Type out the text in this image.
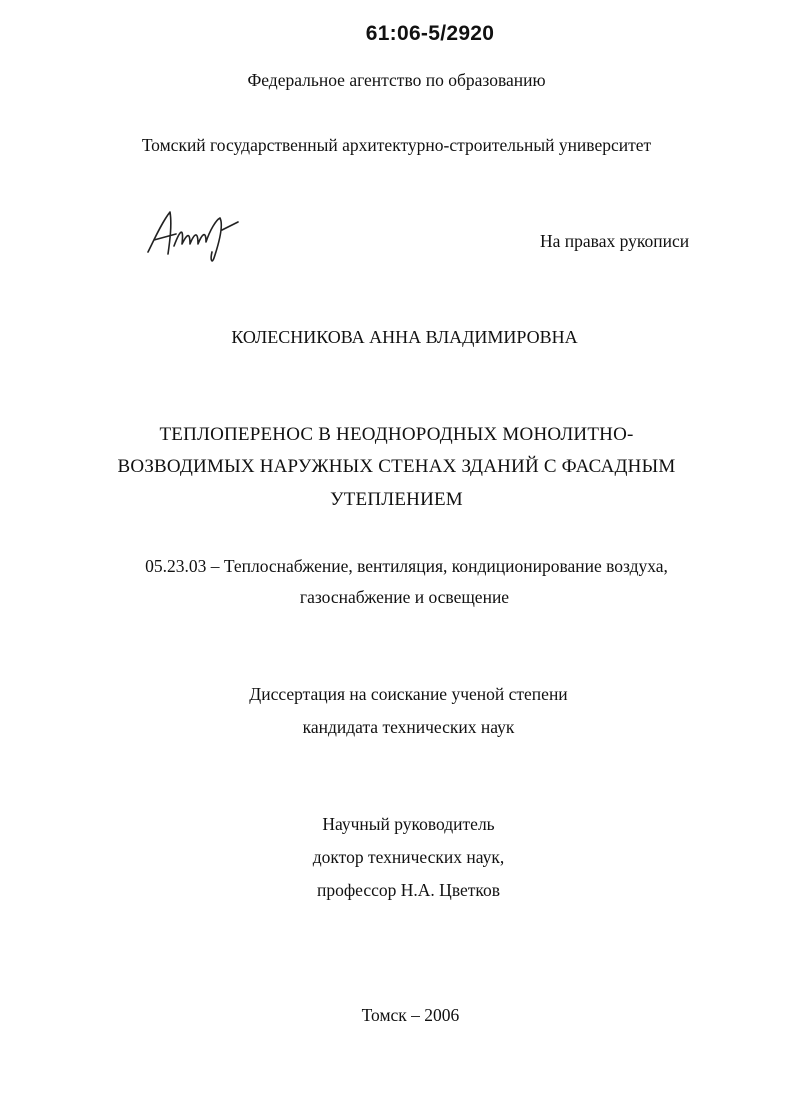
61:06-5/2920
Федеральное агентство по образованию
Томский государственный архитектурно-строительный университет
На правах рукописи
КОЛЕСНИКОВА АННА ВЛАДИМИРОВНА
ТЕПЛОПЕРЕНОС В НЕОДНОРОДНЫХ МОНОЛИТНО-
ВОЗВОДИМЫХ НАРУЖНЫХ СТЕНАХ ЗДАНИЙ С ФАСАДНЫМ
УТЕПЛЕНИЕМ
05.23.03 – Теплоснабжение, вентиляция, кондиционирование воздуха,
газоснабжение и освещение
Диссертация на соискание ученой степени
кандидата технических наук
Научный руководитель
доктор технических наук,
профессор Н.А. Цветков
Томск – 2006
